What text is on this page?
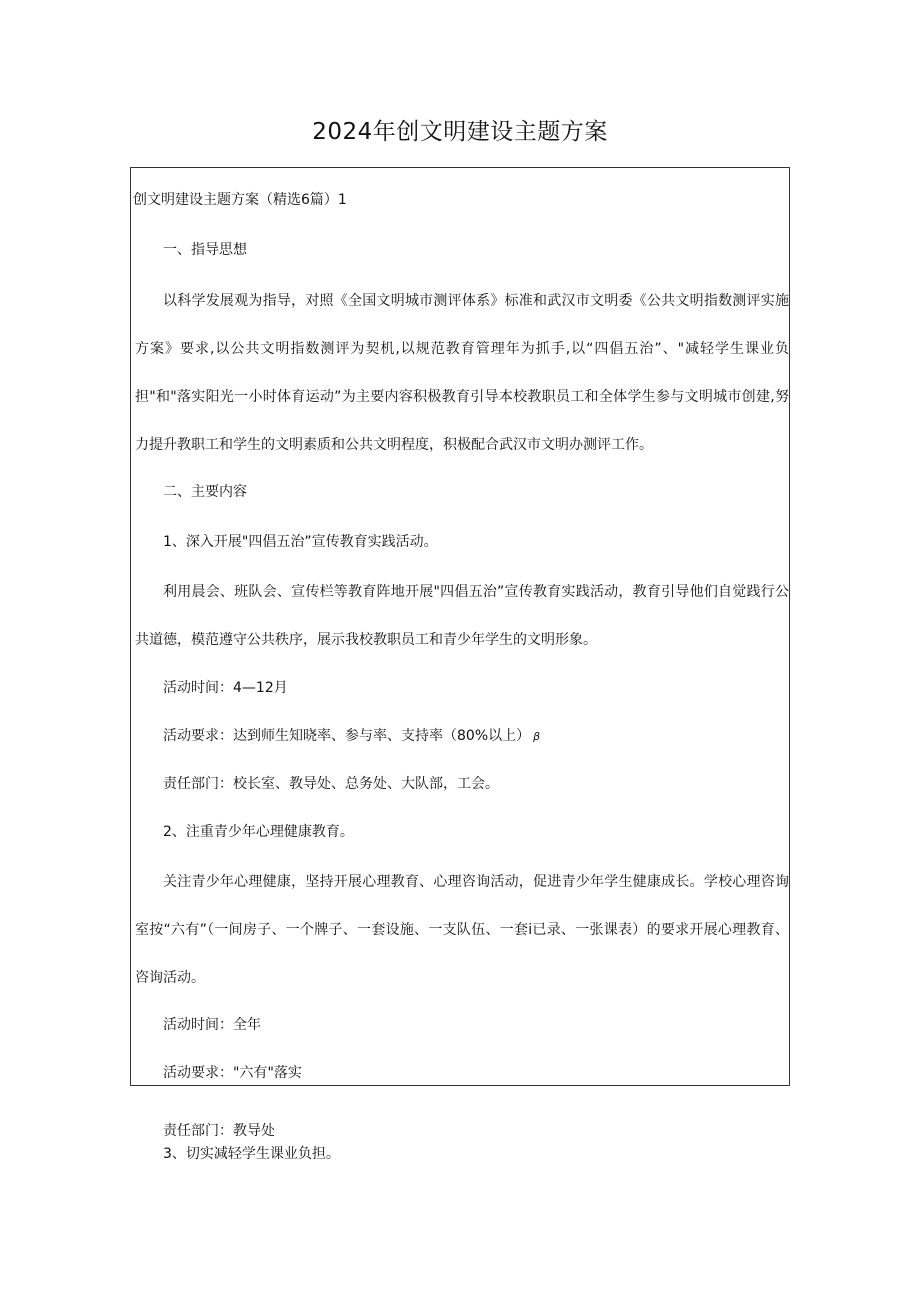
2024年创文明建设主题方案
创文明建设主题方案（精选6篇）1
一、指导思想

以科学发展观为指导，对照《全国文明城市测评体系》标准和武汉市文明委《公共文明指数测评实施方案》要求,以公共文明指数测评为契机,以规范教育管理年为抓手,以“四倡五治”、"减轻学生课业负担"和"落实阳光一小时体育运动”为主要内容积极教育引导本校教职员工和全体学生参与文明城市创建,努力提升教职工和学生的文明素质和公共文明程度，积极配合武汉市文明办测评工作。

二、主要内容
1、深入开展"四倡五治”宣传教育实践活动。

利用晨会、班队会、宣传栏等教育阵地开展"四倡五治”宣传教育实践活动，教育引导他们自觉践行公共道德，模范遵守公共秩序，展示我校教职员工和青少年学生的文明形象。

活动时间：4—12月
活动要求：达到师生知晓率、参与率、支持率（80%以上） β
责任部门：校长室、教导处、总务处、大队部，工会。
2、注重青少年心理健康教育。

关注青少年心理健康，坚持开展心理教育、心理咨询活动，促进青少年学生健康成长。学校心理咨询室按“六有”（一间房子、一个牌子、一套设施、一支队伍、一套i已录、一张课表）的要求开展心理教育、咨询活动。

活动时间：全年
活动要求："六有"落实
责任部门：教导处
3、切实减轻学生课业负担。
